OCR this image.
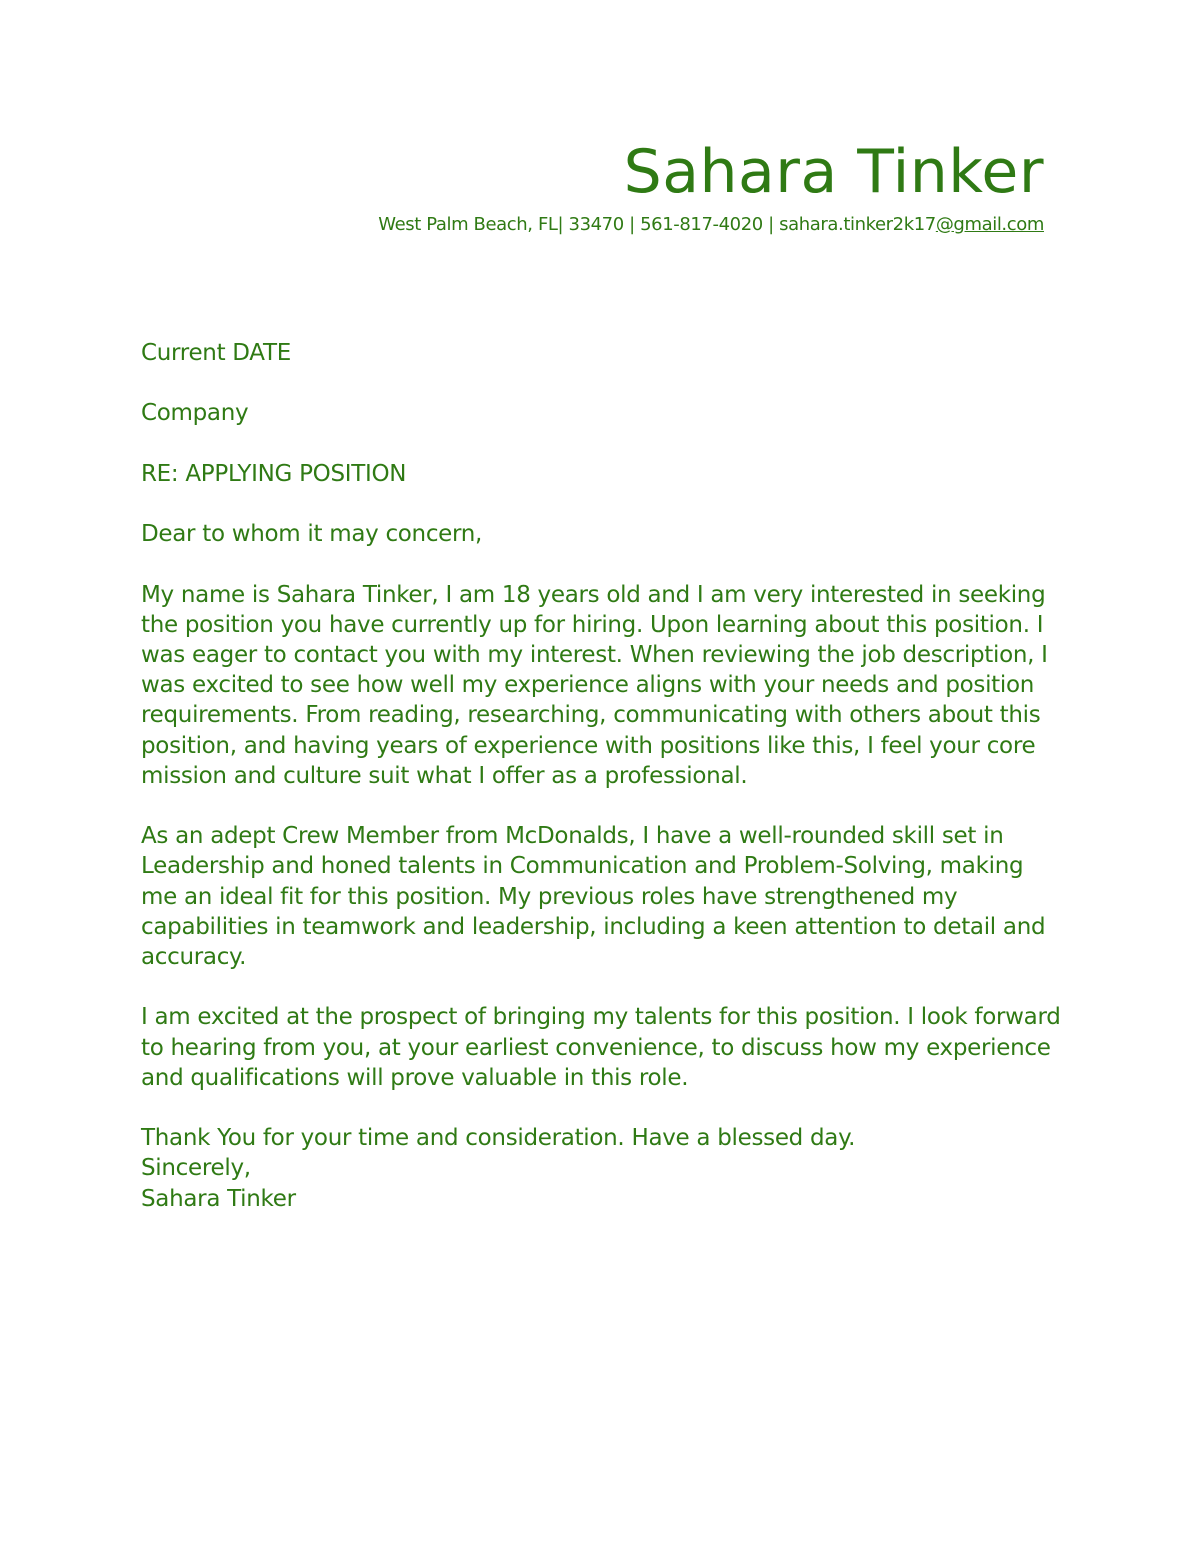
Sahara Tinker
West Palm Beach, FL| 33470 | 561-817-4020 | sahara.tinker2k17@gmail.com

Current DATE

Company

RE: APPLYING POSITION

Dear to whom it may concern,

My name is Sahara Tinker, I am 18 years old and I am very interested in seeking the position you have currently up for hiring. Upon learning about this position. I was eager to contact you with my interest. When reviewing the job description, I was excited to see how well my experience aligns with your needs and position requirements. From reading, researching, communicating with others about this position, and having years of experience with positions like this, I feel your core mission and culture suit what I offer as a professional.

As an adept Crew Member from McDonalds, I have a well-rounded skill set in Leadership and honed talents in Communication and Problem-Solving, making me an ideal fit for this position. My previous roles have strengthened my capabilities in teamwork and leadership, including a keen attention to detail and accuracy.

I am excited at the prospect of bringing my talents for this position. I look forward to hearing from you, at your earliest convenience, to discuss how my experience and qualifications will prove valuable in this role.

Thank You for your time and consideration. Have a blessed day.

Sincerely,

Sahara Tinker
